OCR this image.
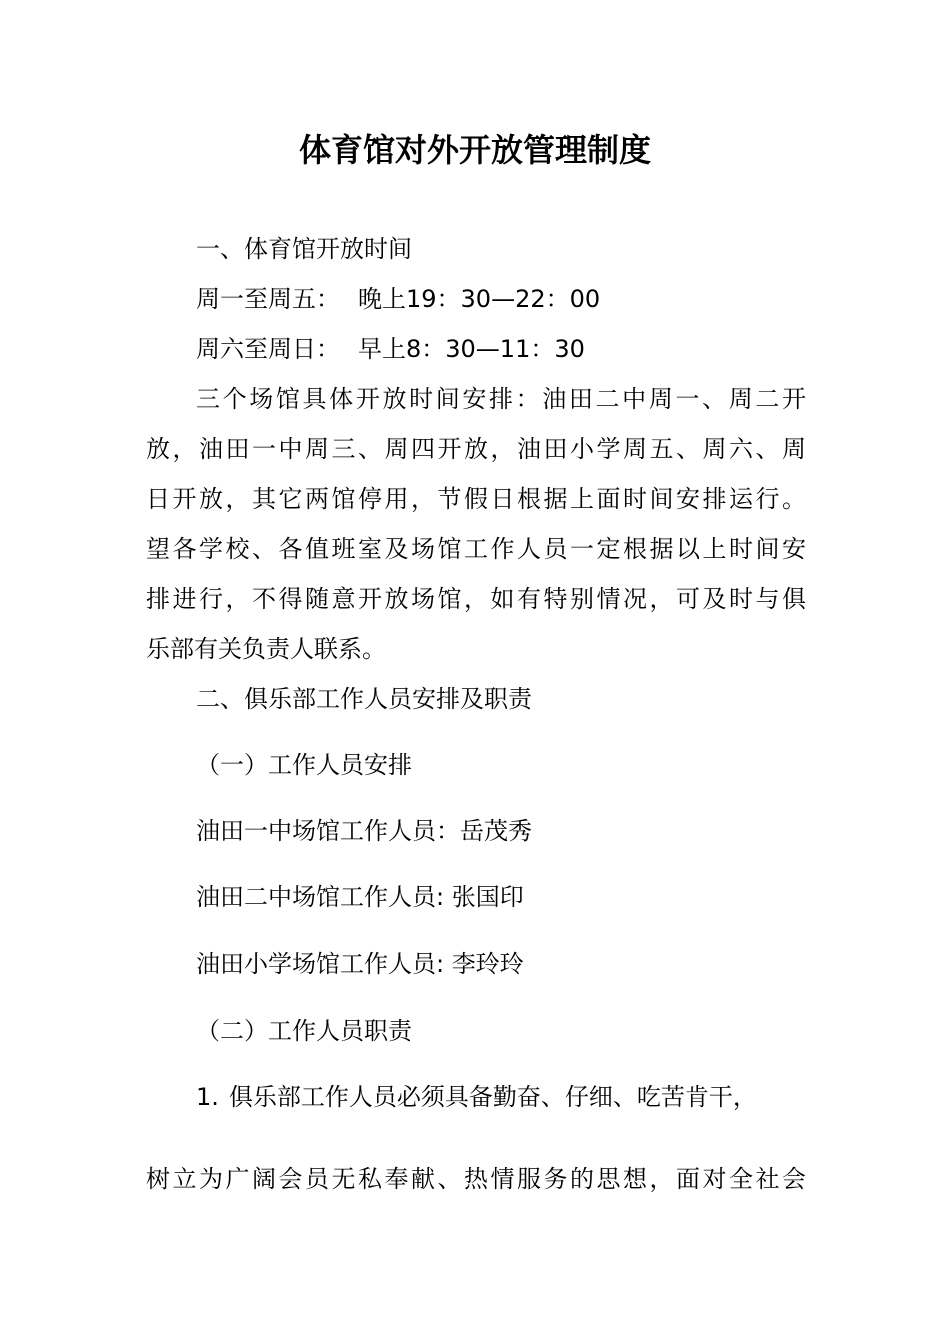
体育馆对外开放管理制度
一、体育馆开放时间
周一至周五： 晚上19：30—22：00
周六至周日： 早上8：30—11：30
三个场馆具体开放时间安排：油田二中周一、周二开
放，油田一中周三、周四开放，油田小学周五、周六、周
日开放，其它两馆停用，节假日根据上面时间安排运行。
望各学校、各值班室及场馆工作人员一定根据以上时间安
排进行，不得随意开放场馆，如有特别情况，可及时与俱
乐部有关负责人联系。
二、俱乐部工作人员安排及职责
（一）工作人员安排
油田一中场馆工作人员：岳茂秀
油田二中场馆工作人员: 张国印
油田小学场馆工作人员: 李玲玲
（二）工作人员职责
1. 俱乐部工作人员必须具备勤奋、仔细、吃苦肯干，
树立为广阔会员无私奉献、热情服务的思想，面对全社会
